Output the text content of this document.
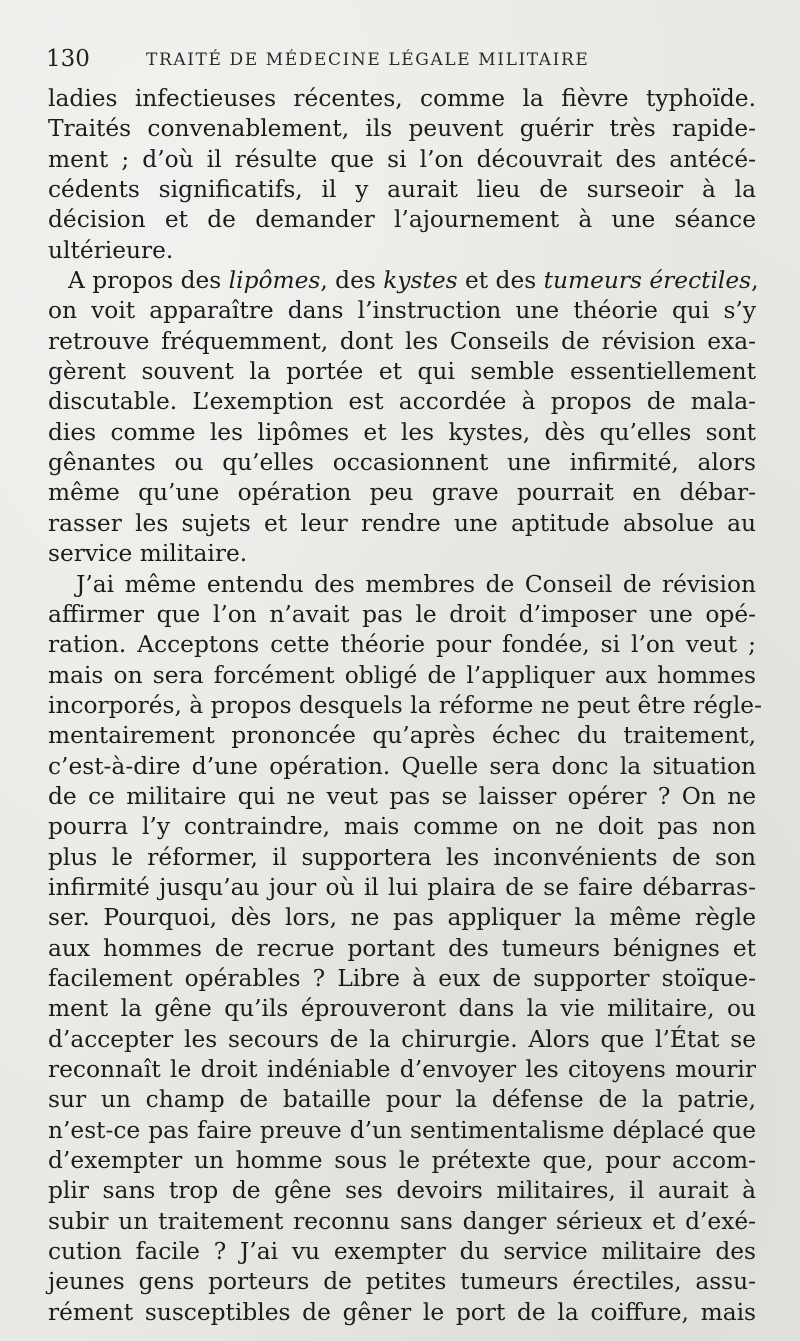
130	TRAITÉ DE MÉDECINE LÉGALE MILITAIRE
ladies infectieuses récentes, comme la fièvre typhoïde.
Traités convenablement, ils peuvent guérir très rapide-
ment ; d’où il résulte que si l’on découvrait des antécé-
cédents significatifs, il y aurait lieu de surseoir à la
décision et de demander l’ajournement à une séance
ultérieure.
A propos des lipômes, des kystes et des tumeurs érectiles,
on voit apparaître dans l’instruction une théorie qui s’y
retrouve fréquemment, dont les Conseils de révision exa-
gèrent souvent la portée et qui semble essentiellement
discutable. L’exemption est accordée à propos de mala-
dies comme les lipômes et les kystes, dès qu’elles sont
gênantes ou qu’elles occasionnent une infirmité, alors
même qu’une opération peu grave pourrait en débar-
rasser les sujets et leur rendre une aptitude absolue au
service militaire.
J’ai même entendu des membres de Conseil de révision
affirmer que l’on n’avait pas le droit d’imposer une opé-
ration. Acceptons cette théorie pour fondée, si l’on veut ;
mais on sera forcément obligé de l’appliquer aux hommes
incorporés, à propos desquels la réforme ne peut être régle-
mentairement prononcée qu’après échec du traitement,
c’est-à-dire d’une opération. Quelle sera donc la situation
de ce militaire qui ne veut pas se laisser opérer ? On ne
pourra l’y contraindre, mais comme on ne doit pas non
plus le réformer, il supportera les inconvénients de son
infirmité jusqu’au jour où il lui plaira de se faire débarras-
ser. Pourquoi, dès lors, ne pas appliquer la même règle
aux hommes de recrue portant des tumeurs bénignes et
facilement opérables ? Libre à eux de supporter stoïque-
ment la gêne qu’ils éprouveront dans la vie militaire, ou
d’accepter les secours de la chirurgie. Alors que l’État se
reconnaît le droit indéniable d’envoyer les citoyens mourir
sur un champ de bataille pour la défense de la patrie,
n’est-ce pas faire preuve d’un sentimentalisme déplacé que
d’exempter un homme sous le prétexte que, pour accom-
plir sans trop de gêne ses devoirs militaires, il aurait à
subir un traitement reconnu sans danger sérieux et d’exé-
cution facile ? J’ai vu exempter du service militaire des
jeunes gens porteurs de petites tumeurs érectiles, assu-
rément susceptibles de gêner le port de la coiffure, mais
